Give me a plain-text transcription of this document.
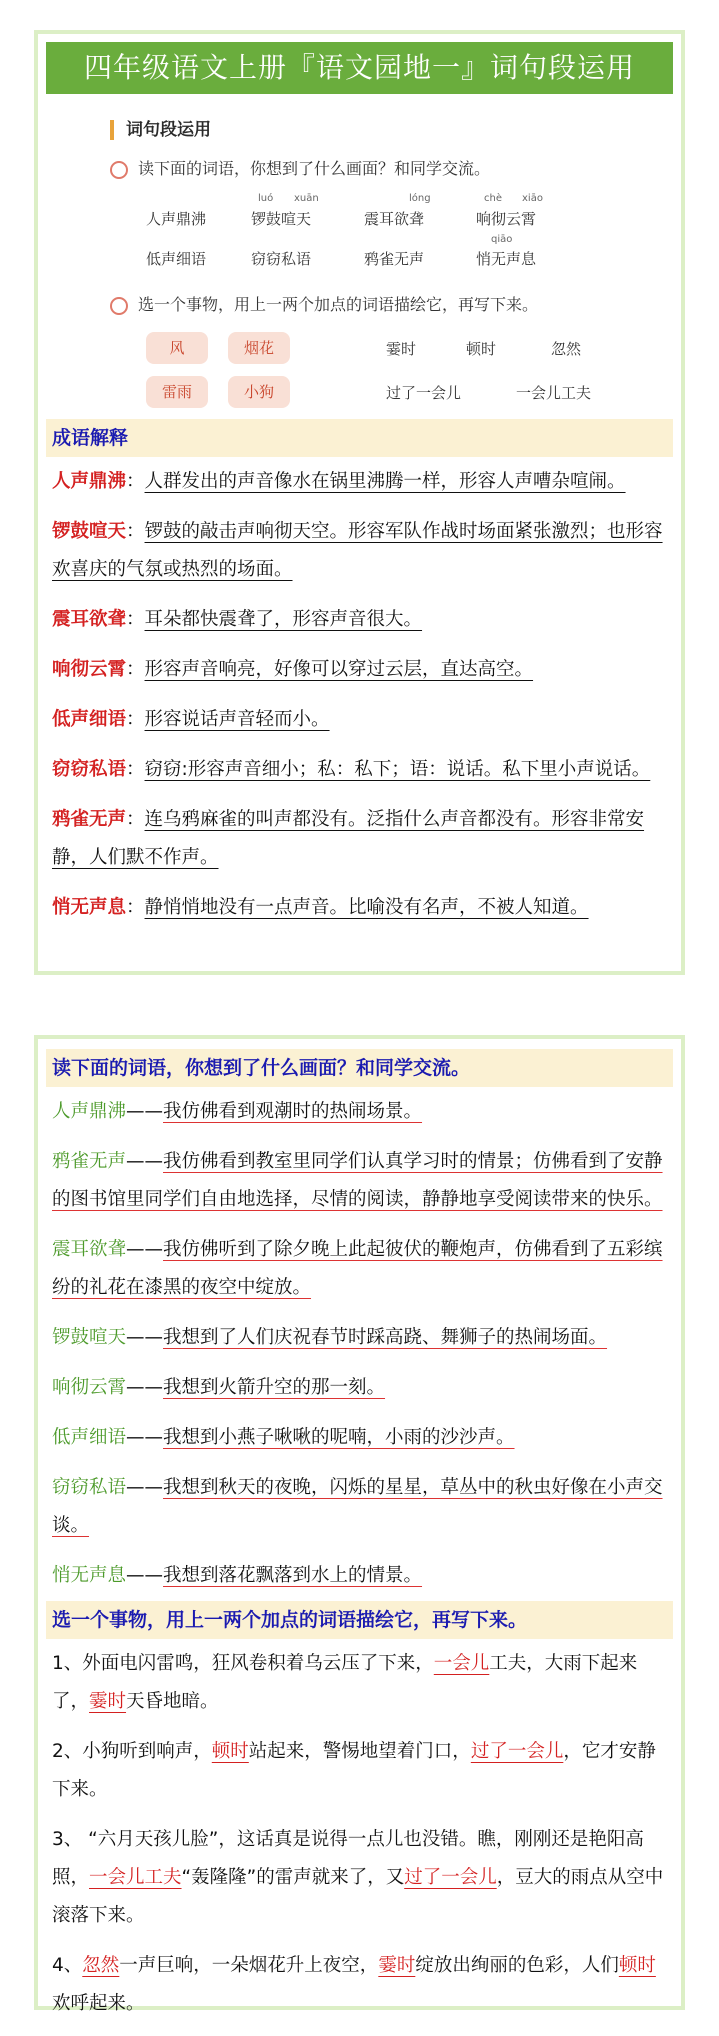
四年级语文上册『语文园地一』词句段运用
词句段运用
读下面的词语，你想到了什么画面？和同学交流。
luó xuān	lóng	chè xiāo
qiāo
人声鼎沸	锣鼓喧天	震耳欲聋	响彻云霄
低声细语	窃窃私语	鸦雀无声	悄无声息
选一个事物，用上一两个加点的词语描绘它，再写下来。
风	烟花
雷雨	小狗
霎时	顿时	忽然
过了一会儿	一会儿工夫
成语解释
人声鼎沸：人群发出的声音像水在锅里沸腾一样，形容人声嘈杂喧闹。
锣鼓喧天：锣鼓的敲击声响彻天空。形容军队作战时场面紧张激烈；也形容欢喜庆的气氛或热烈的场面。
震耳欲聋：耳朵都快震聋了，形容声音很大。
响彻云霄：形容声音响亮，好像可以穿过云层，直达高空。
低声细语：形容说话声音轻而小。
窃窃私语：窃窃:形容声音细小；私：私下；语：说话。私下里小声说话。
鸦雀无声：连乌鸦麻雀的叫声都没有。泛指什么声音都没有。形容非常安静，人们默不作声。
悄无声息：静悄悄地没有一点声音。比喻没有名声，不被人知道。
读下面的词语，你想到了什么画面？和同学交流。
人声鼎沸——我仿佛看到观潮时的热闹场景。
鸦雀无声——我仿佛看到教室里同学们认真学习时的情景；仿佛看到了安静的图书馆里同学们自由地选择，尽情的阅读，静静地享受阅读带来的快乐。
震耳欲聋——我仿佛听到了除夕晚上此起彼伏的鞭炮声，仿佛看到了五彩缤纷的礼花在漆黑的夜空中绽放。
锣鼓喧天——我想到了人们庆祝春节时踩高跷、舞狮子的热闹场面。
响彻云霄——我想到火箭升空的那一刻。
低声细语——我想到小燕子啾啾的呢喃，小雨的沙沙声。
窃窃私语——我想到秋天的夜晚，闪烁的星星，草丛中的秋虫好像在小声交谈。
悄无声息——我想到落花飘落到水上的情景。
选一个事物，用上一两个加点的词语描绘它，再写下来。
1、外面电闪雷鸣，狂风卷积着乌云压了下来，一会儿工夫，大雨下起来了，霎时天昏地暗。
2、小狗听到响声，顿时站起来，警惕地望着门口，过了一会儿，它才安静下来。
3、 “六月天孩儿脸”，这话真是说得一点儿也没错。瞧，刚刚还是艳阳高照，一会儿工夫“轰隆隆”的雷声就来了，又过了一会儿，豆大的雨点从空中滚落下来。
4、忽然一声巨响，一朵烟花升上夜空，霎时绽放出绚丽的色彩，人们顿时欢呼起来。
